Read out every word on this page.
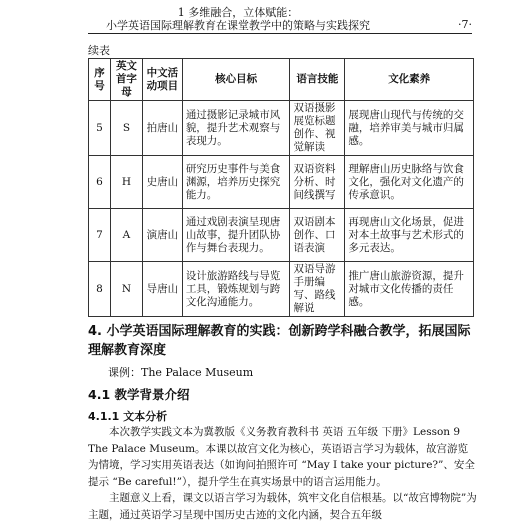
1 多维融合，立体赋能：
小学英语国际理解教育在课堂教学中的策略与实践探究	·7·
续表
序号	英文首字母	中文活动项目	核心目标	语言技能	文化素养
5	S	拍唐山	通过摄影记录城市风貌，提升艺术观察与表现力。	双语摄影展览标题创作、视觉解读	展现唐山现代与传统的交融，培养审美与城市归属感。
6	H	史唐山	研究历史事件与美食渊源，培养历史探究能力。	双语资料分析、时间线撰写	理解唐山历史脉络与饮食文化，强化对文化遗产的传承意识。
7	A	演唐山	通过戏剧表演呈现唐山故事，提升团队协作与舞台表现力。	双语剧本创作、口语表演	再现唐山文化场景，促进对本土故事与艺术形式的多元表达。
8	N	导唐山	设计旅游路线与导览工具，锻炼规划与跨文化沟通能力。	双语导游手册编写、路线解说	推广唐山旅游资源，提升对城市文化传播的责任感。
4. 小学英语国际理解教育的实践：创新跨学科融合教学，拓展国际理解教育深度
课例：The Palace Museum
4.1 教学背景介绍
4.1.1 文本分析

本次教学实践文本为冀教版《义务教育教科书 英语 五年级 下册》Lesson 9 The Palace Museum。本课以故宫文化为核心，英语语言学习为载体，故宫游览为情境，学习实用英语表达（如询问拍照许可 “May I take your picture?”、安全提示 “Be careful!”），提升学生在真实场景中的语言运用能力。

主题意义上看，课文以语言学习为载体，筑牢文化自信根基。以“故宫博物院”为主题，通过英语学习呈现中国历史古迹的文化内涵，契合五年级
